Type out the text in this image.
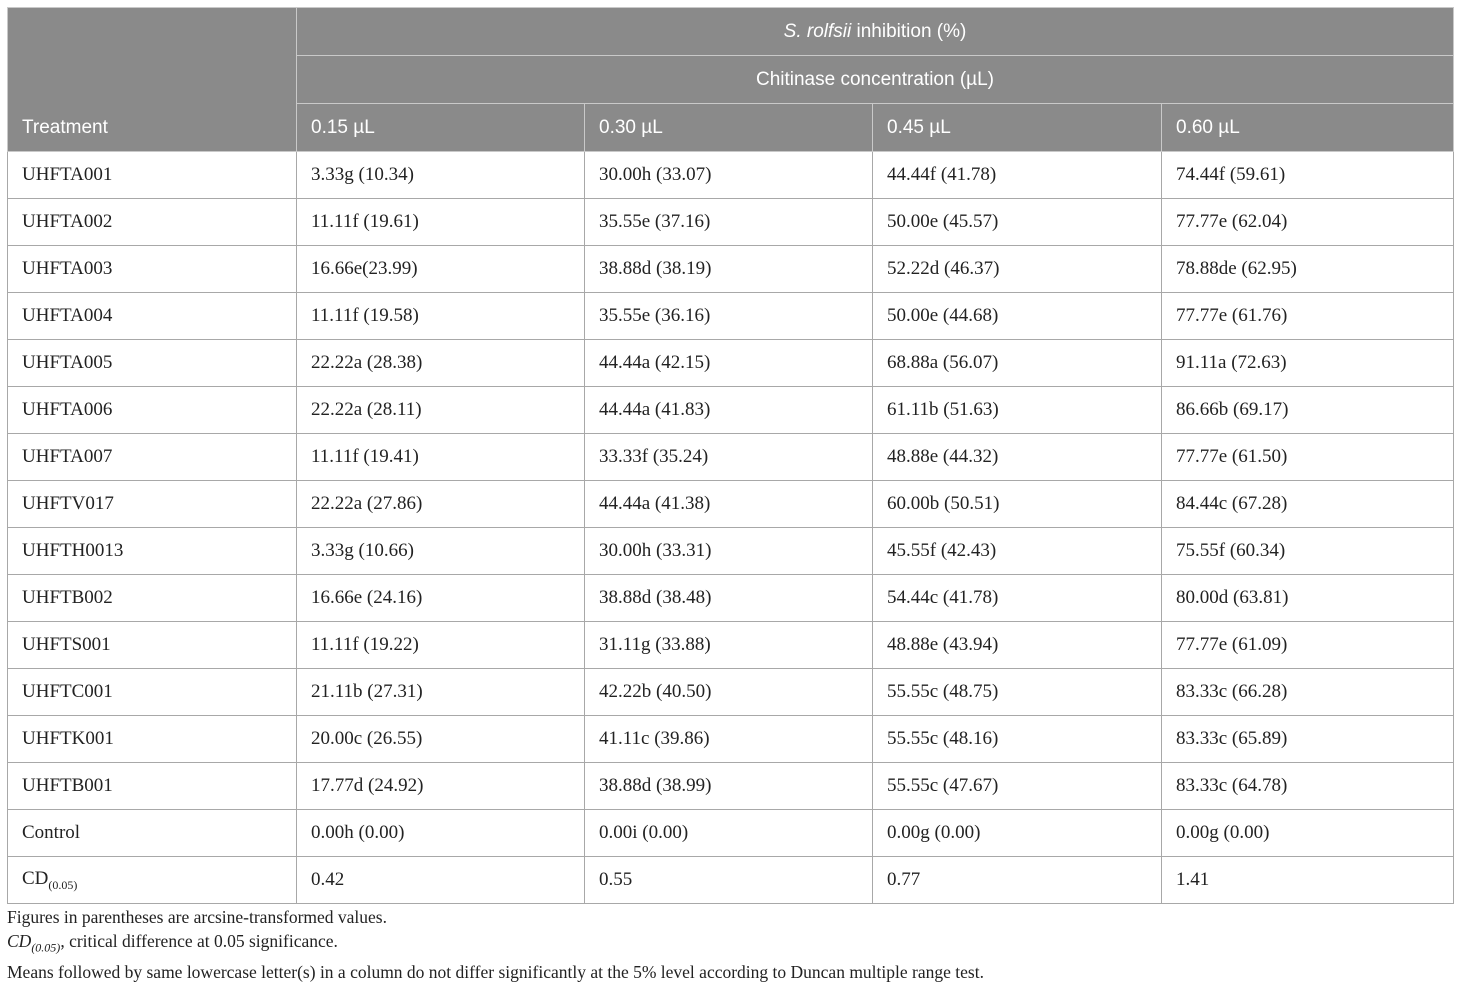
Treatment	S. rolfsii inhibition (%)			
	Chitinase concentration (µL)			
	0.15 µL	0.30 µL	0.45 µL	0.60 µL
UHFTA001	3.33g (10.34)	30.00h (33.07)	44.44f (41.78)	74.44f (59.61)
UHFTA002	11.11f (19.61)	35.55e (37.16)	50.00e (45.57)	77.77e (62.04)
UHFTA003	16.66e(23.99)	38.88d (38.19)	52.22d (46.37)	78.88de (62.95)
UHFTA004	11.11f (19.58)	35.55e (36.16)	50.00e (44.68)	77.77e (61.76)
UHFTA005	22.22a (28.38)	44.44a (42.15)	68.88a (56.07)	91.11a (72.63)
UHFTA006	22.22a (28.11)	44.44a (41.83)	61.11b (51.63)	86.66b (69.17)
UHFTA007	11.11f (19.41)	33.33f (35.24)	48.88e (44.32)	77.77e (61.50)
UHFTV017	22.22a (27.86)	44.44a (41.38)	60.00b (50.51)	84.44c (67.28)
UHFTH0013	3.33g (10.66)	30.00h (33.31)	45.55f (42.43)	75.55f (60.34)
UHFTB002	16.66e (24.16)	38.88d (38.48)	54.44c (41.78)	80.00d (63.81)
UHFTS001	11.11f (19.22)	31.11g (33.88)	48.88e (43.94)	77.77e (61.09)
UHFTC001	21.11b (27.31)	42.22b (40.50)	55.55c (48.75)	83.33c (66.28)
UHFTK001	20.00c (26.55)	41.11c (39.86)	55.55c (48.16)	83.33c (65.89)
UHFTB001	17.77d (24.92)	38.88d (38.99)	55.55c (47.67)	83.33c (64.78)
Control	0.00h (0.00)	0.00i (0.00)	0.00g (0.00)	0.00g (0.00)
$CD_{(0.05)}$	0.42	0.55	0.77	1.41

Figures in parentheses are arcsine-transformed values.

$CD_{(0.05)}$, critical difference at 0.05 significance.

Means followed by same lowercase letter(s) in a column do not differ significantly at the 5% level according to Duncan multiple range test.
